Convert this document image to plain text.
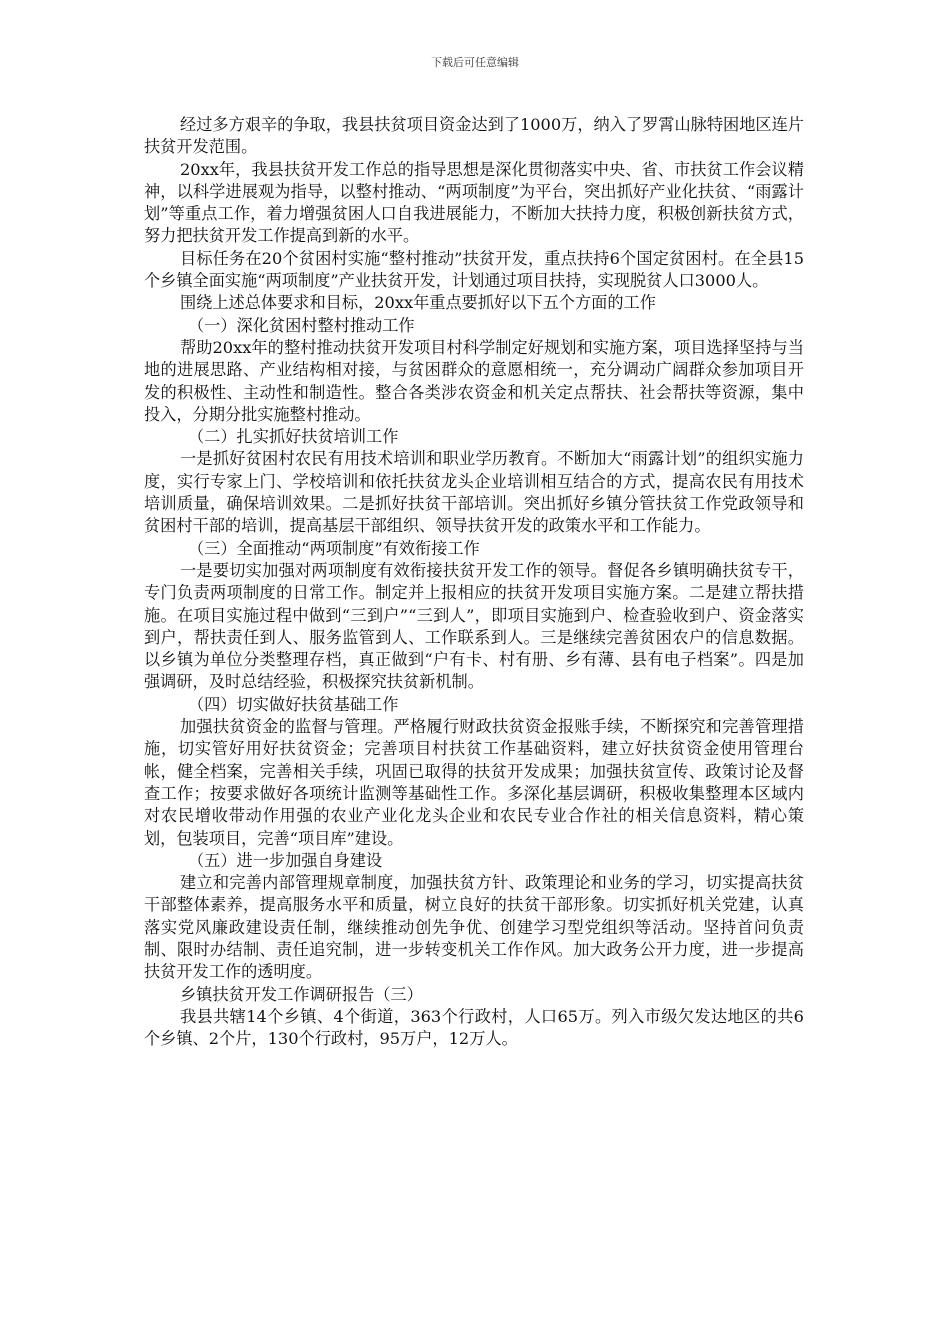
下载后可任意编辑

经过多方艰辛的争取，我县扶贫项目资金达到了1000万，纳入了罗霄山脉特困地区连片扶贫开发范围。

20xx年，我县扶贫开发工作总的指导思想是深化贯彻落实中央、省、市扶贫工作会议精神，以科学进展观为指导，以整村推动、“两项制度”为平台，突出抓好产业化扶贫、“雨露计划”等重点工作，着力增强贫困人口自我进展能力，不断加大扶持力度，积极创新扶贫方式，努力把扶贫开发工作提高到新的水平。

目标任务在20个贫困村实施“整村推动”扶贫开发，重点扶持6个国定贫困村。在全县15个乡镇全面实施“两项制度”产业扶贫开发，计划通过项目扶持，实现脱贫人口3000人。

围绕上述总体要求和目标，20xx年重点要抓好以下五个方面的工作

（一）深化贫困村整村推动工作

帮助20xx年的整村推动扶贫开发项目村科学制定好规划和实施方案，项目选择坚持与当地的进展思路、产业结构相对接，与贫困群众的意愿相统一，充分调动广阔群众参加项目开发的积极性、主动性和制造性。整合各类涉农资金和机关定点帮扶、社会帮扶等资源，集中投入，分期分批实施整村推动。

（二）扎实抓好扶贫培训工作

一是抓好贫困村农民有用技术培训和职业学历教育。不断加大“雨露计划”的组织实施力度，实行专家上门、学校培训和依托扶贫龙头企业培训相互结合的方式，提高农民有用技术培训质量，确保培训效果。二是抓好扶贫干部培训。突出抓好乡镇分管扶贫工作党政领导和贫困村干部的培训，提高基层干部组织、领导扶贫开发的政策水平和工作能力。

（三）全面推动“两项制度”有效衔接工作

一是要切实加强对两项制度有效衔接扶贫开发工作的领导。督促各乡镇明确扶贫专干，专门负责两项制度的日常工作。制定并上报相应的扶贫开发项目实施方案。二是建立帮扶措施。在项目实施过程中做到“三到户”“三到人”，即项目实施到户、检查验收到户、资金落实到户，帮扶责任到人、服务监管到人、工作联系到人。三是继续完善贫困农户的信息数据。以乡镇为单位分类整理存档，真正做到“户有卡、村有册、乡有薄、县有电子档案”。四是加强调研，及时总结经验，积极探究扶贫新机制。

（四）切实做好扶贫基础工作

加强扶贫资金的监督与管理。严格履行财政扶贫资金报账手续，不断探究和完善管理措施，切实管好用好扶贫资金；完善项目村扶贫工作基础资料，建立好扶贫资金使用管理台帐，健全档案，完善相关手续，巩固已取得的扶贫开发成果；加强扶贫宣传、政策讨论及督查工作；按要求做好各项统计监测等基础性工作。多深化基层调研，积极收集整理本区域内对农民增收带动作用强的农业产业化龙头企业和农民专业合作社的相关信息资料，精心策划，包装项目，完善“项目库”建设。

（五）进一步加强自身建设

建立和完善内部管理规章制度，加强扶贫方针、政策理论和业务的学习，切实提高扶贫干部整体素养，提高服务水平和质量，树立良好的扶贫干部形象。切实抓好机关党建，认真落实党风廉政建设责任制，继续推动创先争优、创建学习型党组织等活动。坚持首问负责制、限时办结制、责任追究制，进一步转变机关工作作风。加大政务公开力度，进一步提高扶贫开发工作的透明度。

乡镇扶贫开发工作调研报告（三）

我县共辖14个乡镇、4个街道，363个行政村，人口65万。列入市级欠发达地区的共6个乡镇、2个片，130个行政村，95万户，12万人。
